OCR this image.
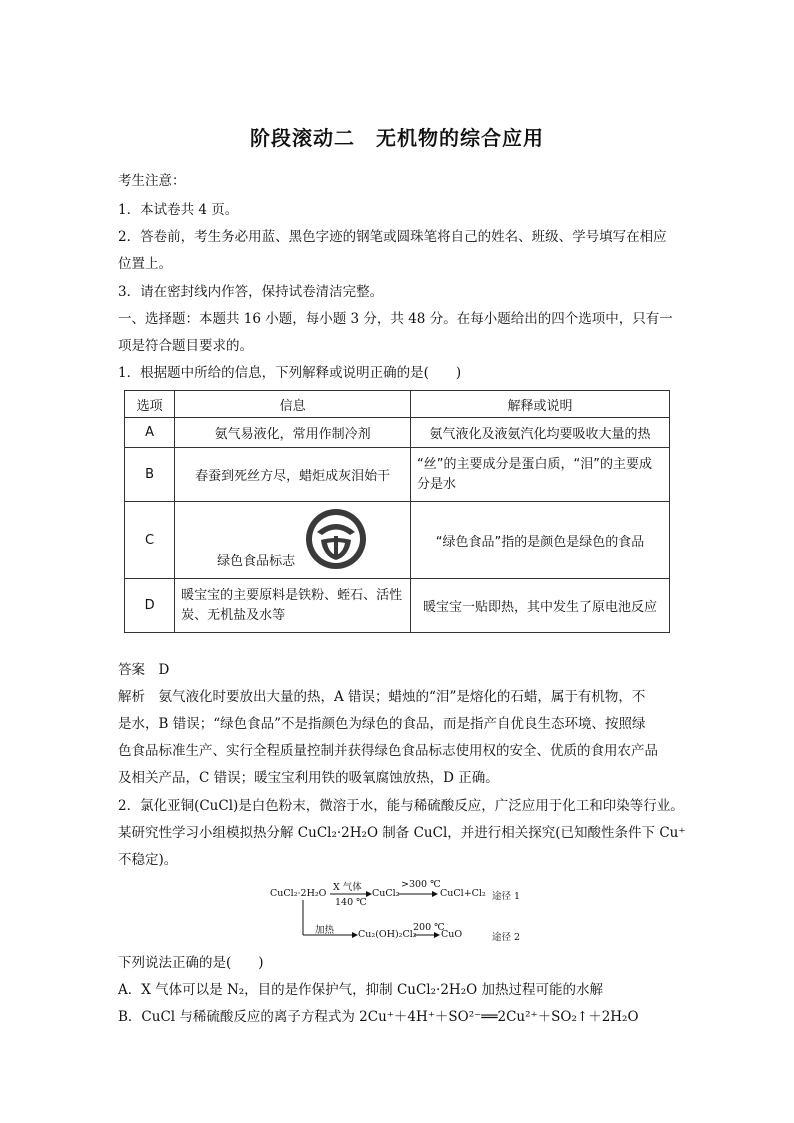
阶段滚动二　无机物的综合应用
考生注意：
1．本试卷共 4 页。
2．答卷前，考生务必用蓝、黑色字迹的钢笔或圆珠笔将自己的姓名、班级、学号填写在相应
位置上。
3．请在密封线内作答，保持试卷清洁完整。
一、选择题：本题共 16 小题，每小题 3 分，共 48 分。在每小题给出的四个选项中，只有一
项是符合题目要求的。
1．根据题中所给的信息，下列解释或说明正确的是(　　)
选项	信息	解释或说明
A	氨气易液化，常用作制冷剂	氨气液化及液氨汽化均要吸收大量的热
B	春蚕到死丝方尽，蜡炬成灰泪始干	“丝”的主要成分是蛋白质，“泪”的主要成分是水
C	绿色食品标志	“绿色食品”指的是颜色是绿色的食品
D	暖宝宝的主要原料是铁粉、蛭石、活性炭、无机盐及水等	暖宝宝一贴即热，其中发生了原电池反应
答案　D
解析　氨气液化时要放出大量的热，A 错误；蜡烛的“泪”是熔化的石蜡，属于有机物，不
是水，B 错误；“绿色食品”不是指颜色为绿色的食品，而是指产自优良生态环境、按照绿
色食品标准生产、实行全程质量控制并获得绿色食品标志使用权的安全、优质的食用农产品
及相关产品，C 错误；暖宝宝利用铁的吸氧腐蚀放热，D 正确。
2．氯化亚铜(CuCl)是白色粉末，微溶于水，能与稀硫酸反应，广泛应用于化工和印染等行业。
某研究性学习小组模拟热分解 CuCl₂·2H₂O 制备 CuCl，并进行相关探究(已知酸性条件下 Cu⁺
不稳定)。
CuCl₂·2H₂O
X 气体
140 ℃
CuCl₂
>300 ℃
CuCl+Cl₂ 途径 1
加热	Cu₂(OH)₂Cl₂
200 ℃
CuO	途径 2
下列说法正确的是(　　)
A．X 气体可以是 N₂，目的是作保护气，抑制 CuCl₂·2H₂O 加热过程可能的水解
B．CuCl 与稀硫酸反应的离子方程式为 2Cu⁺＋4H⁺＋SO²⁻══2Cu²⁺＋SO₂↑＋2H₂O
